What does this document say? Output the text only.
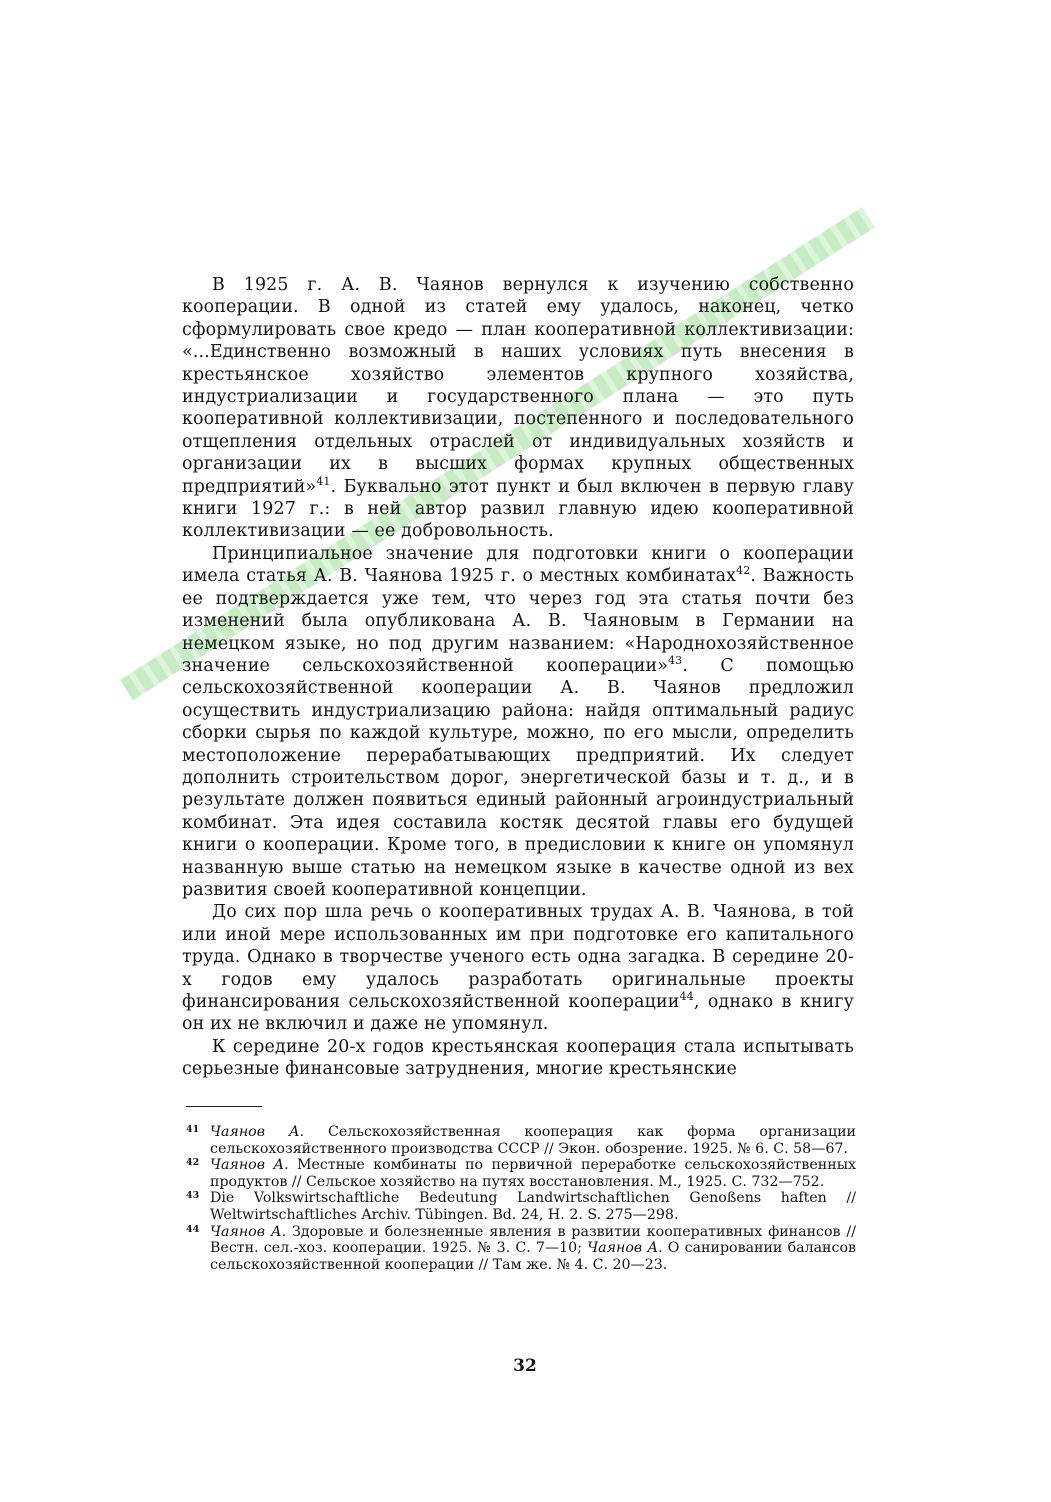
В 1925 г. А. В. Чаянов вернулся к изучению собственно кооперации. В одной из статей ему удалось, наконец, четко сформулировать свое кредо — план кооперативной коллективизации: «...Единственно возможный в наших условиях путь внесения в крестьянское хозяйство элементов крупного хозяйства, индустриализации и государственного плана — это путь кооперативной коллективизации, постепенного и последовательного отщепления отдельных отраслей от индивидуальных хозяйств и организации их в высших формах крупных общественных предприятий»$^{41}$. Буквально этот пункт и был включен в первую главу книги 1927 г.: в ней автор развил главную идею кооперативной коллективизации — ее добровольность.

Принципиальное значение для подготовки книги о кооперации имела статья А. В. Чаянова 1925 г. о местных комбинатах$^{42}$. Важность ее подтверждается уже тем, что через год эта статья почти без изменений была опубликована А. В. Чаяновым в Германии на немецком языке, но под другим названием: «Народнохозяйственное значение сельскохозяйственной кооперации»$^{43}$. С помощью сельскохозяйственной кооперации А. В. Чаянов предложил осуществить индустриализацию района: найдя оптимальный радиус сборки сырья по каждой культуре, можно, по его мысли, определить местоположение перерабатывающих предприятий. Их следует дополнить строительством дорог, энергетической базы и т. д., и в результате должен появиться единый районный агроиндустриальный комбинат. Эта идея составила костяк десятой главы его будущей книги о кооперации. Кроме того, в предисловии к книге он упомянул названную выше статью на немецком языке в качестве одной из вех развития своей кооперативной концепции.

До сих пор шла речь о кооперативных трудах А. В. Чаянова, в той или иной мере использованных им при подготовке его капитального труда. Однако в творчестве ученого есть одна загадка. В середине 20-х годов ему удалось разработать оригинальные проекты финансирования сельскохозяйственной кооперации$^{44}$, однако в книгу он их не включил и даже не упомянул.

К середине 20-х годов крестьянская кооперация стала испытывать серьезные финансовые затруднения, многие крестьянские

41 Чаянов А. Сельскохозяйственная кооперация как форма организации сельскохозяйственного производства СССР // Экон. обозрение. 1925. № 6. С. 58—67.
42 Чаянов А. Местные комбинаты по первичной переработке сельскохозяйственных продуктов // Сельское хозяйство на путях восстановления. М., 1925. С. 732—752.
43 Die Volkswirtschaftliche Bedeutung Landwirtschaftlichen Genoßens haften // Weltwirtschaftliches Archiv. Tübingen. Bd. 24, H. 2. S. 275—298.
44 Чаянов А. Здоровые и болезненные явления в развитии кооперативных финансов // Вестн. сел.-хоз. кооперации. 1925. № 3. С. 7—10; Чаянов А. О санировании балансов сельскохозяйственной кооперации // Там же. № 4. С. 20—23.
32
